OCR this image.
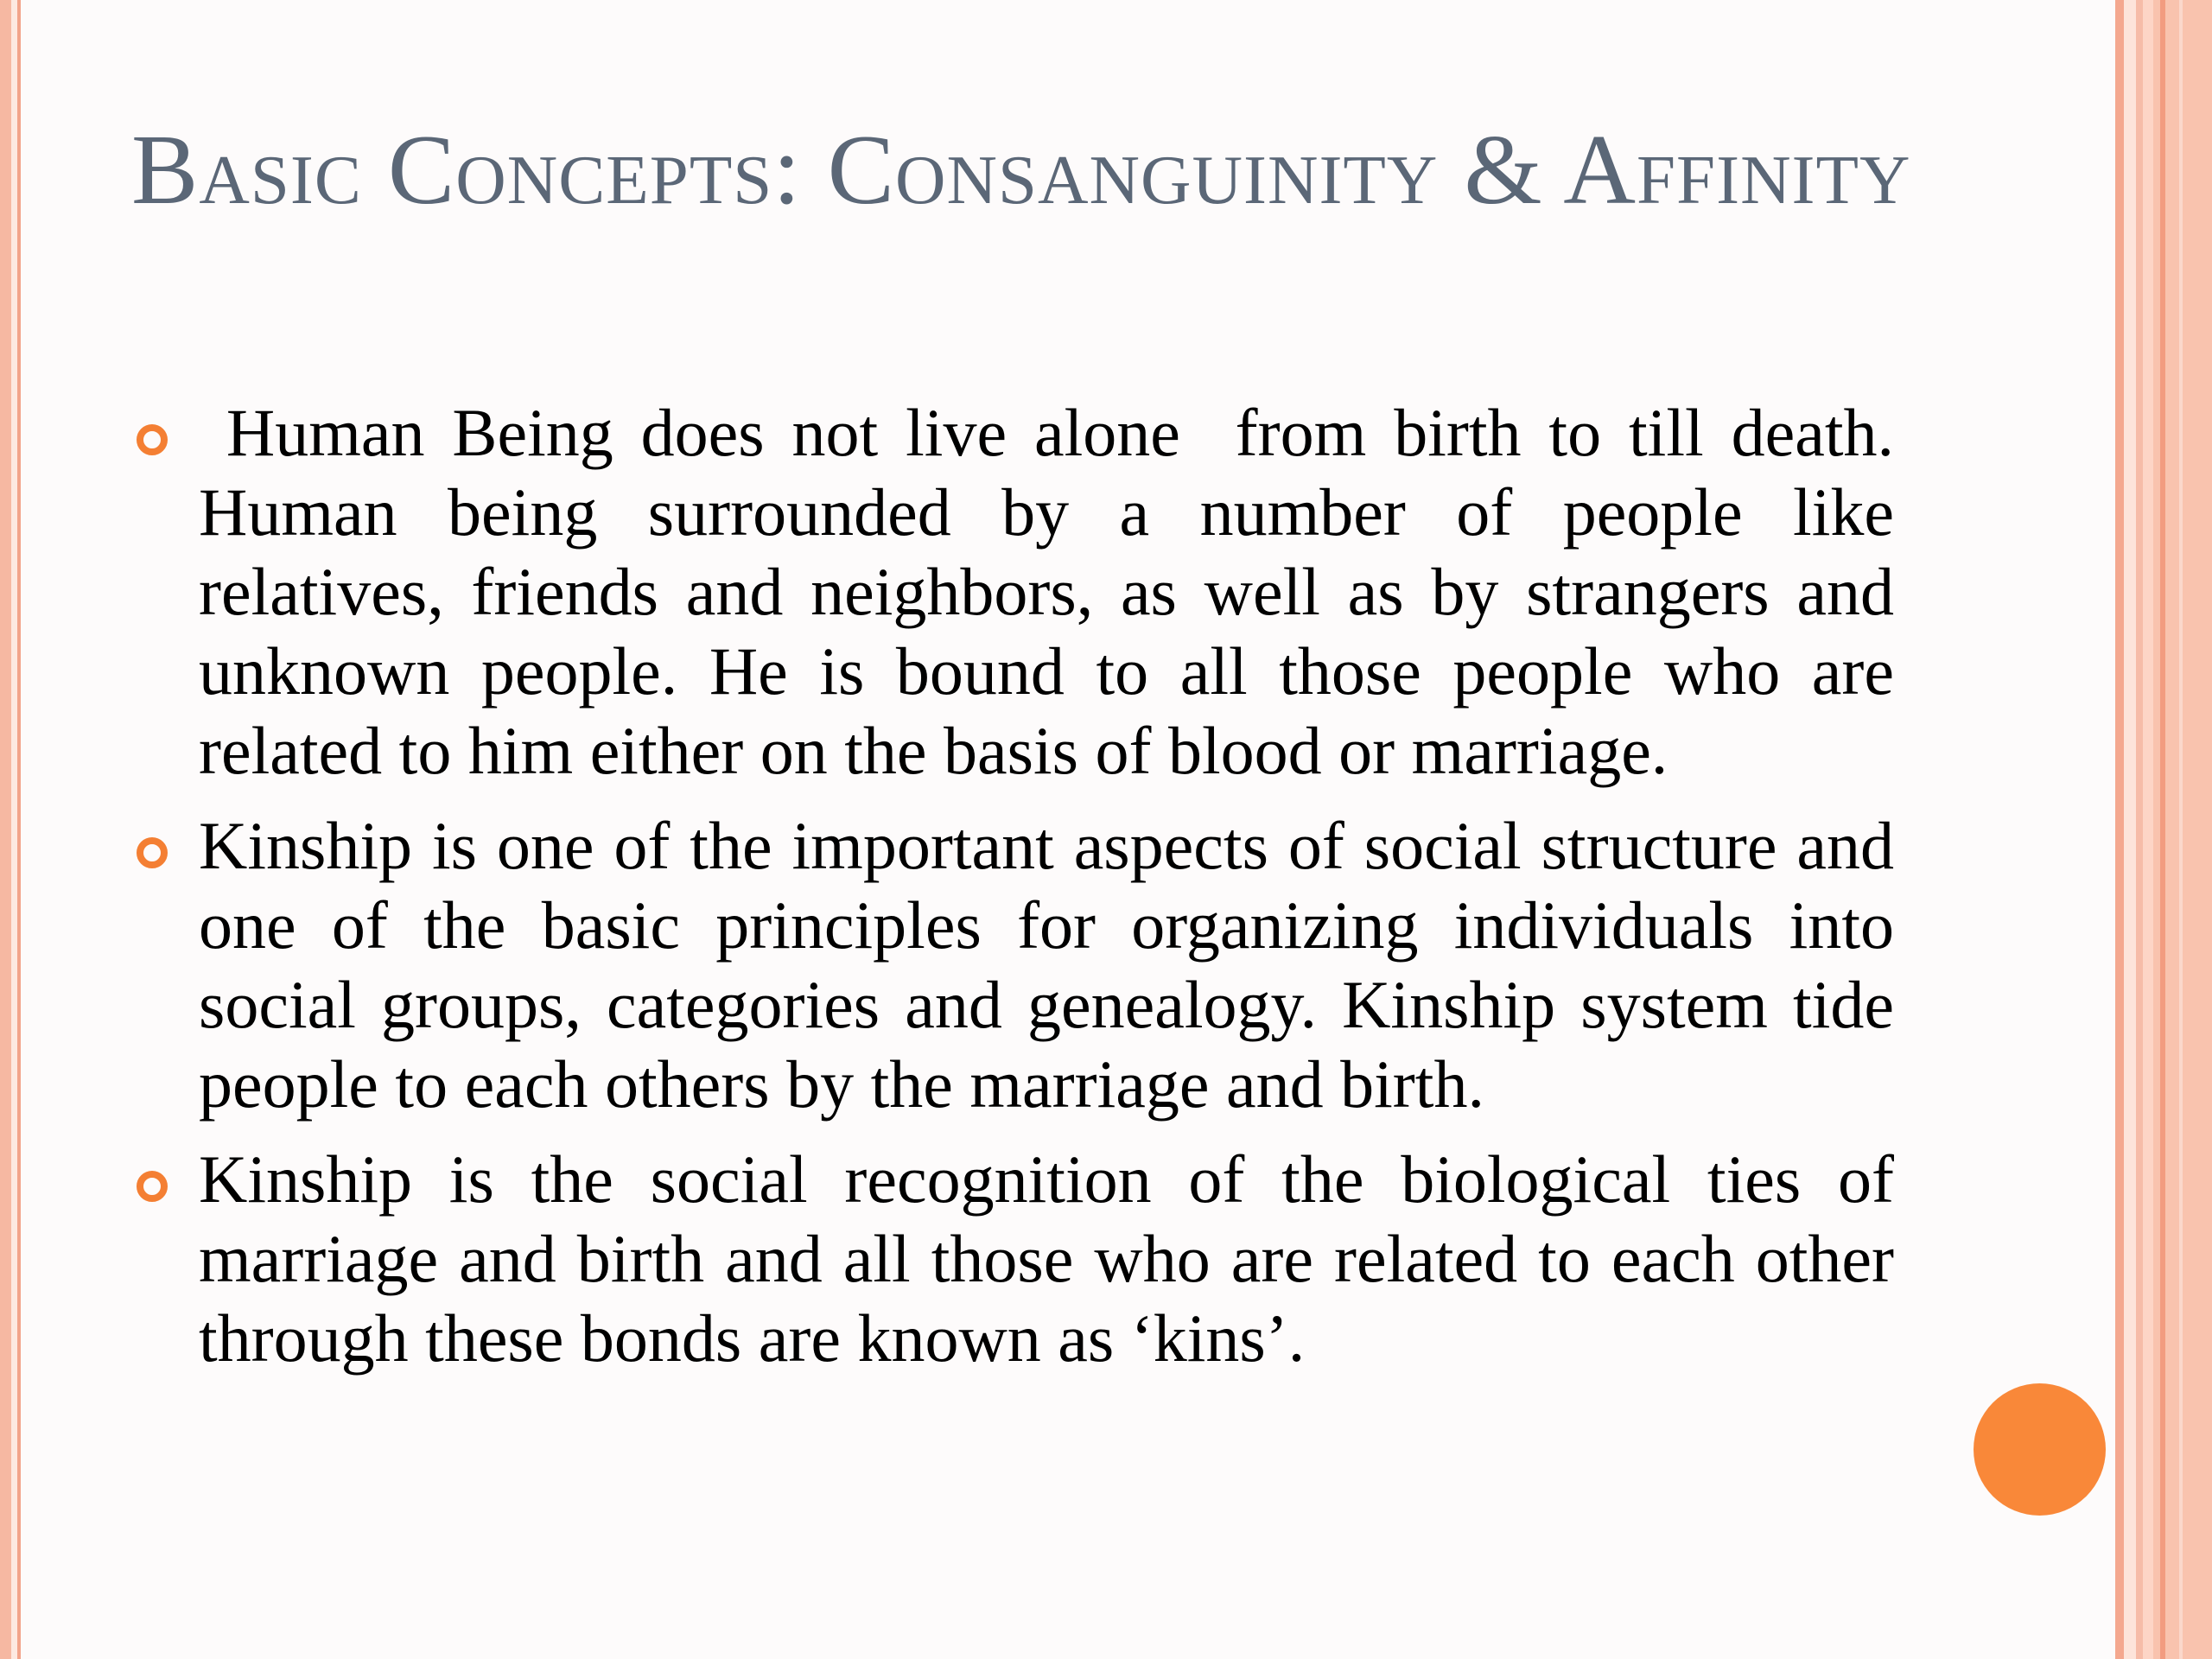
Basic Concepts: Consanguinity & Affinity
Human Being does not live alone  from birth to till death. Human being surrounded by a number of people like  relatives, friends and neighbors, as well as by strangers and unknown people. He is bound to all those people who are related to him either on the basis of blood or marriage.
Kinship is one of the important aspects of social structure and one of the basic principles for organizing individuals into social groups, categories and genealogy. Kinship system tide people to each others by the marriage and birth.
Kinship is the social recognition of the biological ties of marriage and birth and all those who are related to each other through these bonds are known as ‘kins’.
